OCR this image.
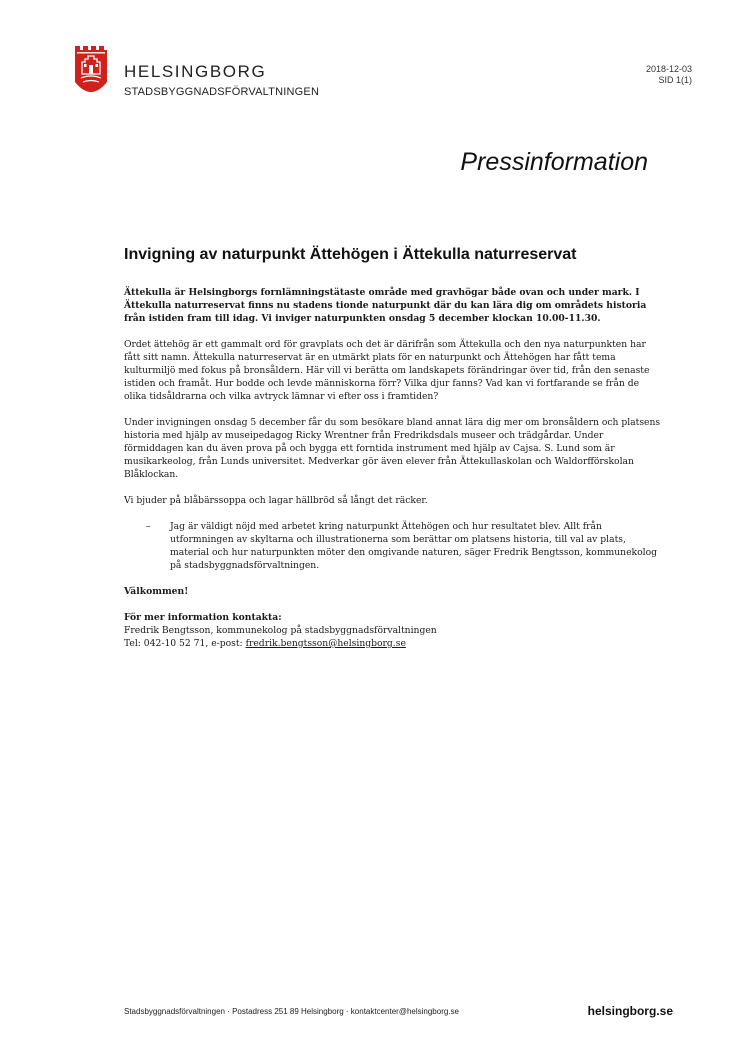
HELSINGBORG
STADSBYGGNADSFÖRVALTNINGEN
2018-12-03
SID 1(1)
Pressinformation
Invigning av naturpunkt Ättehögen i Ättekulla naturreservat

Ättekulla är Helsingborgs fornlämningstätaste område med gravhögar både ovan och under mark. I Ättekulla naturreservat finns nu stadens tionde naturpunkt där du kan lära dig om områdets historia från istiden fram till idag. Vi inviger naturpunkten onsdag 5 december klockan 10.00-11.30.

Ordet ättehög är ett gammalt ord för gravplats och det är därifrån som Ättekulla och den nya naturpunkten har fått sitt namn. Ättekulla naturreservat är en utmärkt plats för en naturpunkt och Ättehögen har fått tema kulturmiljö med fokus på bronsåldern. Här vill vi berätta om landskapets förändringar över tid, från den senaste istiden och framåt. Hur bodde och levde människorna förr? Vilka djur fanns? Vad kan vi fortfarande se från de olika tidsåldrarna och vilka avtryck lämnar vi efter oss i framtiden?

Under invigningen onsdag 5 december får du som besökare bland annat lära dig mer om bronsåldern och platsens historia med hjälp av museipedagog Ricky Wrentner från Fredrikdsdals museer och trädgårdar. Under förmiddagen kan du även prova på och bygga ett forntida instrument med hjälp av Cajsa. S. Lund som är musikarkeolog, från Lunds universitet. Medverkar gör även elever från Ättekullaskolan och Waldorfförskolan Blåklockan.

Vi bjuder på blåbärssoppa och lagar hällbröd så långt det räcker.

–	Jag är väldigt nöjd med arbetet kring naturpunkt Ättehögen och hur resultatet blev. Allt från utformningen av skyltarna och illustrationerna som berättar om platsens historia, till val av plats, material och hur naturpunkten möter den omgivande naturen, säger Fredrik Bengtsson, kommunekolog på stadsbyggnadsförvaltningen.

Välkommen!

För mer information kontakta:
Fredrik Bengtsson, kommunekolog på stadsbyggnadsförvaltningen
Tel: 042-10 52 71, e-post: fredrik.bengtsson@helsingborg.se
Stadsbyggnadsförvaltningen · Postadress 251 89 Helsingborg · kontaktcenter@helsingborg.se	helsingborg.se
